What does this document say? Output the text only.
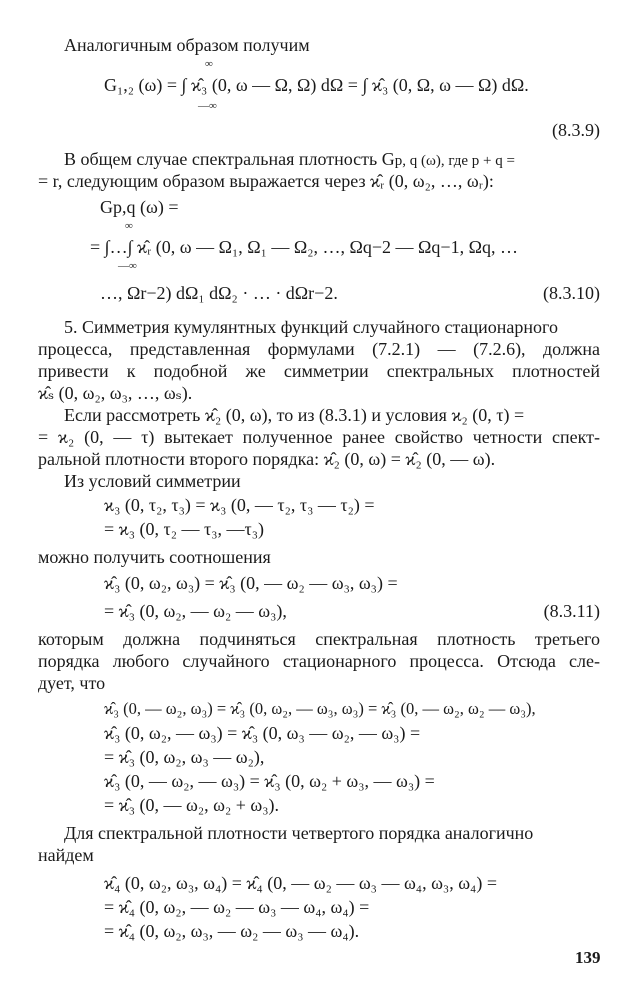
Аналогичным образом получим
∞
G₁,₂ (ω) = ∫ ϰ̂₃ (0, ω — Ω, Ω) dΩ = ∫ ϰ̂₃ (0, Ω, ω — Ω) dΩ.
—∞
(8.3.9)
В общем случае спектральная плотность Gp, q (ω), где p + q =
= r, следующим образом выражается через ϰ̂ᵣ (0, ω₂, …, ωᵣ):
Gp,q (ω) =
∞
= ∫…∫ ϰ̂ᵣ (0, ω — Ω₁, Ω₁ — Ω₂, …, Ωq−2 — Ωq−1, Ωq, …
—∞
…, Ωr−2) dΩ₁ dΩ₂ · … · dΩr−2.	(8.3.10)
5. Симметрия кумулянтных функций случайного стационарного
процесса, представленная формулами (7.2.1) — (7.2.6), должна
привести к подобной же симметрии спектральных плотностей
ϰ̂ₛ (0, ω₂, ω₃, …, ωₛ).
Если рассмотреть ϰ̂₂ (0, ω), то из (8.3.1) и условия ϰ₂ (0, τ) =
= ϰ₂ (0, — τ) вытекает полученное ранее свойство четности спект-
ральной плотности второго порядка: ϰ̂₂ (0, ω) = ϰ̂₂ (0, — ω).
Из условий симметрии
ϰ₃ (0, τ₂, τ₃) = ϰ₃ (0, — τ₂, τ₃ — τ₂) =
= ϰ₃ (0, τ₂ — τ₃, —τ₃)
можно получить соотношения
ϰ̂₃ (0, ω₂, ω₃) = ϰ̂₃ (0, — ω₂ — ω₃, ω₃) =
= ϰ̂₃ (0, ω₂, — ω₂ — ω₃),	(8.3.11)
которым должна подчиняться спектральная плотность третьего
порядка любого случайного стационарного процесса. Отсюда сле-
дует, что
ϰ̂₃ (0, — ω₂, ω₃) = ϰ̂₃ (0, ω₂, — ω₃, ω₃) = ϰ̂₃ (0, — ω₂, ω₂ — ω₃),
ϰ̂₃ (0, ω₂, — ω₃) = ϰ̂₃ (0, ω₃ — ω₂, — ω₃) =
= ϰ̂₃ (0, ω₂, ω₃ — ω₂),
ϰ̂₃ (0, — ω₂, — ω₃) = ϰ̂₃ (0, ω₂ + ω₃, — ω₃) =
= ϰ̂₃ (0, — ω₂, ω₂ + ω₃).
Для спектральной плотности четвертого порядка аналогично
найдем
ϰ̂₄ (0, ω₂, ω₃, ω₄) = ϰ̂₄ (0, — ω₂ — ω₃ — ω₄, ω₃, ω₄) =
= ϰ̂₄ (0, ω₂, — ω₂ — ω₃ — ω₄, ω₄) =
= ϰ̂₄ (0, ω₂, ω₃, — ω₂ — ω₃ — ω₄).
139
